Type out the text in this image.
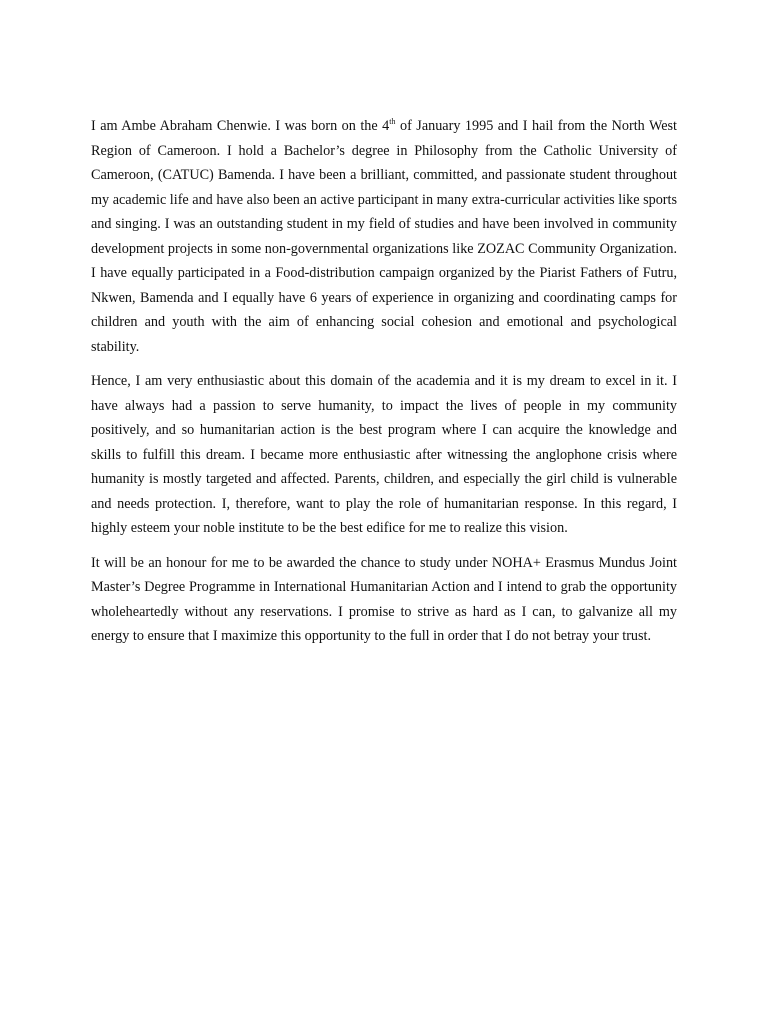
I am Ambe Abraham Chenwie. I was born on the 4th of January 1995 and I hail from the North West Region of Cameroon. I hold a Bachelor’s degree in Philosophy from the Catholic University of Cameroon, (CATUC) Bamenda. I have been a brilliant, committed, and passionate student throughout my academic life and have also been an active participant in many extra-curricular activities like sports and singing. I was an outstanding student in my field of studies and have been involved in community development projects in some non-governmental organizations like ZOZAC Community Organization. I have equally participated in a Food-distribution campaign organized by the Piarist Fathers of Futru, Nkwen, Bamenda and I equally have 6 years of experience in organizing and coordinating camps for children and youth with the aim of enhancing social cohesion and emotional and psychological stability.

Hence, I am very enthusiastic about this domain of the academia and it is my dream to excel in it. I have always had a passion to serve humanity, to impact the lives of people in my community positively, and so humanitarian action is the best program where I can acquire the knowledge and skills to fulfill this dream. I became more enthusiastic after witnessing the anglophone crisis where humanity is mostly targeted and affected. Parents, children, and especially the girl child is vulnerable and needs protection. I, therefore, want to play the role of humanitarian response. In this regard, I highly esteem your noble institute to be the best edifice for me to realize this vision.

It will be an honour for me to be awarded the chance to study under NOHA+ Erasmus Mundus Joint Master’s Degree Programme in International Humanitarian Action and I intend to grab the opportunity wholeheartedly without any reservations. I promise to strive as hard as I can, to galvanize all my energy to ensure that I maximize this opportunity to the full in order that I do not betray your trust.
